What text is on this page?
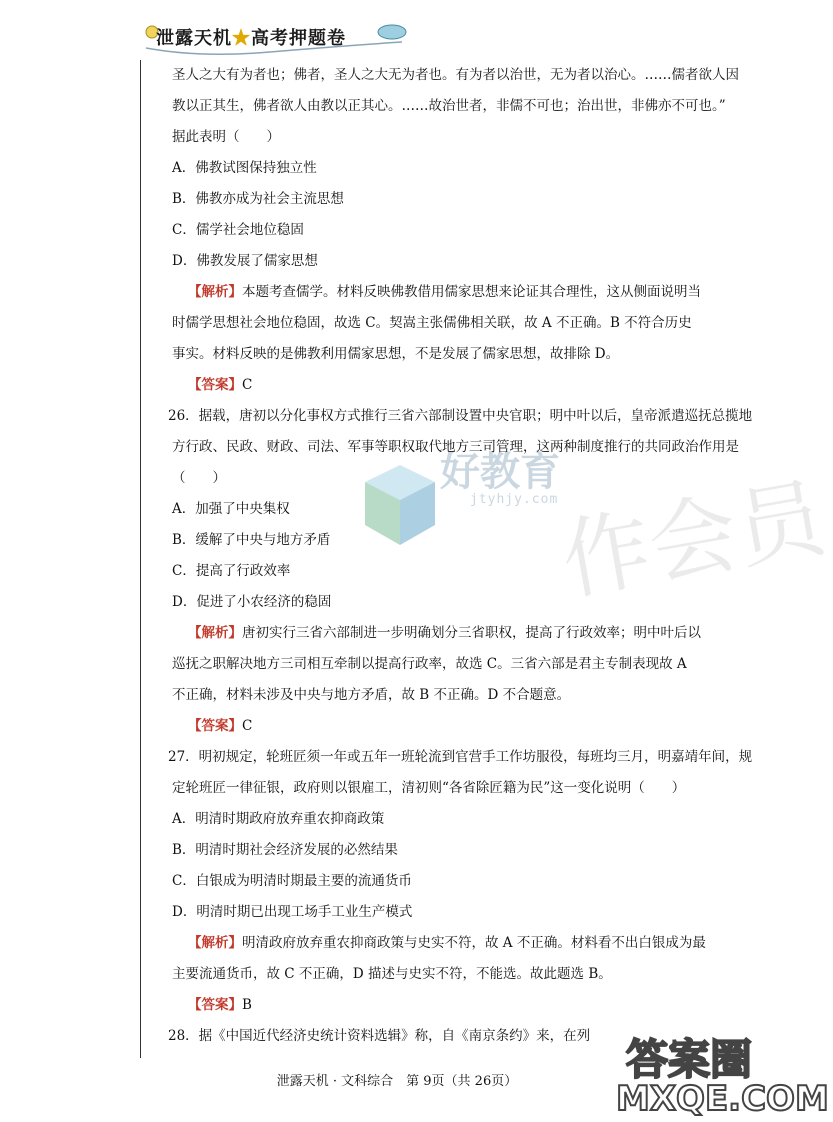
泄露天机★高考押题卷
好教育
jtyhjy.com
作会员
圣人之大有为者也；佛者，圣人之大无为者也。有为者以治世，无为者以治心。……儒者欲人因
教以正其生，佛者欲人由教以正其心。……故治世者，非儒不可也；治出世，非佛亦不可也。”
据此表明（　　）
A．佛教试图保持独立性
B．佛教亦成为社会主流思想
C．儒学社会地位稳固
D．佛教发展了儒家思想
【解析】本题考查儒学。材料反映佛教借用儒家思想来论证其合理性，这从侧面说明当
时儒学思想社会地位稳固，故选 C。契嵩主张儒佛相关联，故 A 不正确。B 不符合历史
事实。材料反映的是佛教利用儒家思想，不是发展了儒家思想，故排除 D。
【答案】C
26．据载，唐初以分化事权方式推行三省六部制设置中央官职；明中叶以后，皇帝派遣巡抚总揽地
方行政、民政、财政、司法、军事等职权取代地方三司管理，这两种制度推行的共同政治作用是
（　　）
A．加强了中央集权
B．缓解了中央与地方矛盾
C．提高了行政效率
D．促进了小农经济的稳固
【解析】唐初实行三省六部制进一步明确划分三省职权，提高了行政效率；明中叶后以
巡抚之职解决地方三司相互牵制以提高行政率，故选 C。三省六部是君主专制表现故 A
不正确，材料未涉及中央与地方矛盾，故 B 不正确。D 不合题意。
【答案】C
27．明初规定，轮班匠须一年或五年一班轮流到官营手工作坊服役，每班均三月，明嘉靖年间，规
定轮班匠一律征银，政府则以银雇工，清初则“各省除匠籍为民”这一变化说明（　　）
A．明清时期政府放弃重农抑商政策
B．明清时期社会经济发展的必然结果
C．白银成为明清时期最主要的流通货币
D．明清时期已出现工场手工业生产模式
【解析】明清政府放弃重农抑商政策与史实不符，故 A 不正确。材料看不出白银成为最
主要流通货币，故 C 不正确，D 描述与史实不符，不能选。故此题选 B。
【答案】B
28．据《中国近代经济史统计资料选辑》称，自《南京条约》来，在列
泄露天机 · 文科综合　第 9页（共 26页）	答案圈
MXQE.COM
